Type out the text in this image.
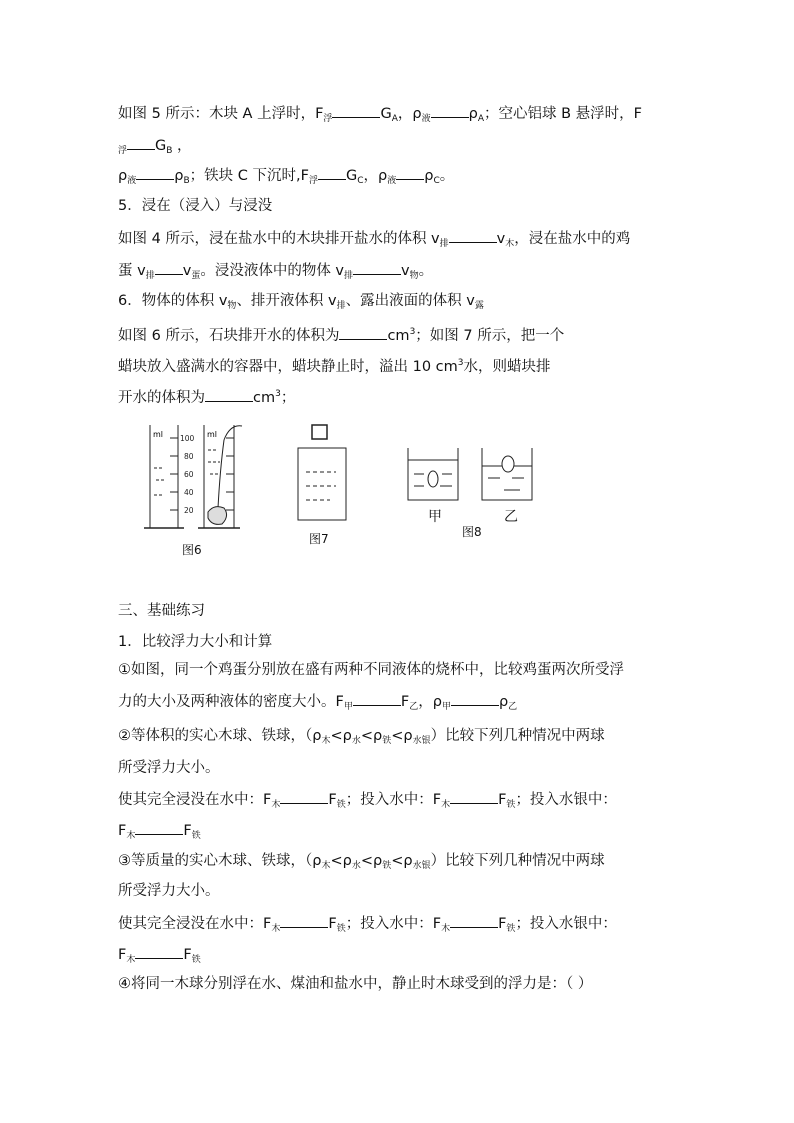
如图 5 所示：木块 A 上浮时，$F_浮$	$G_A$，$\rho_液$	$\rho_A$；空心铝球 B 悬浮时，F
$_浮$ $G_B$ ，
$\rho_液$	$\rho_B$；铁块 C 下沉时$,F_浮$ $G_C$，$\rho_液$ $\rho_C$。
5．浸在（浸入）与浸没
如图 4 所示，浸在盐水中的木块排开盐水的体积 $v_排$	$v_木$，浸在盐水中的鸡
蛋 $v_排$ $v_蛋$。浸没液体中的物体 $v_排$	$v_物$。
6．物体的体积 $v_物$、排开液体积 $v_排$、露出液面的体积 $v_露$
如图 6 所示，石块排开水的体积为	$cm^3$；如图 7 所示，把一个
蜡块放入盛满水的容器中，蜡块静止时，溢出 10 $cm^3$水，则蜡块排
开水的体积为	$cm^3$；
ml 100
80
60
40
20
ml
图6
图7
甲	乙
图8
三、基础练习
1．比较浮力大小和计算
①如图，同一个鸡蛋分别放在盛有两种不同液体的烧杯中，比较鸡蛋两次所受浮
力的大小及两种液体的密度大小。$F_甲$	$F_乙$，$\rho_甲$	$\rho_乙$
②等体积的实心木球、铁球，$(\rho_木<\rho_水<\rho_铁<\rho_{水银})$比较下列几种情况中两球
所受浮力大小。
使其完全浸没在水中：$F_木$	$F_铁$；投入水中：$F_木$	$F_铁$；投入水银中：
$F_木$	$F_铁$
③等质量的实心木球、铁球，$(\rho_木<\rho_水<\rho_铁<\rho_{水银})$比较下列几种情况中两球
所受浮力大小。
使其完全浸没在水中：$F_木$	$F_铁$；投入水中：$F_木$	$F_铁$；投入水银中：
$F_木$	$F_铁$
④将同一木球分别浮在水、煤油和盐水中，静止时木球受到的浮力是：（ ）
